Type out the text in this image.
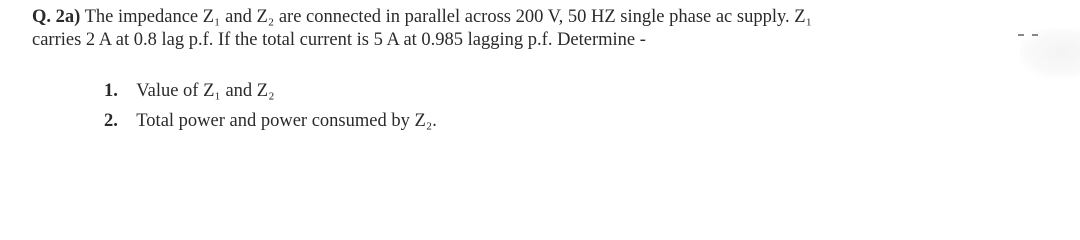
Q. 2a) The impedance Z₁ and Z₂ are connected in parallel across 200 V, 50 HZ single phase ac supply. Z₁
carries 2 A at 0.8 lag p.f. If the total current is 5 A at 0.985 lagging p.f. Determine -
1. Value of Z₁ and Z₂
2. Total power and power consumed by Z₂.
